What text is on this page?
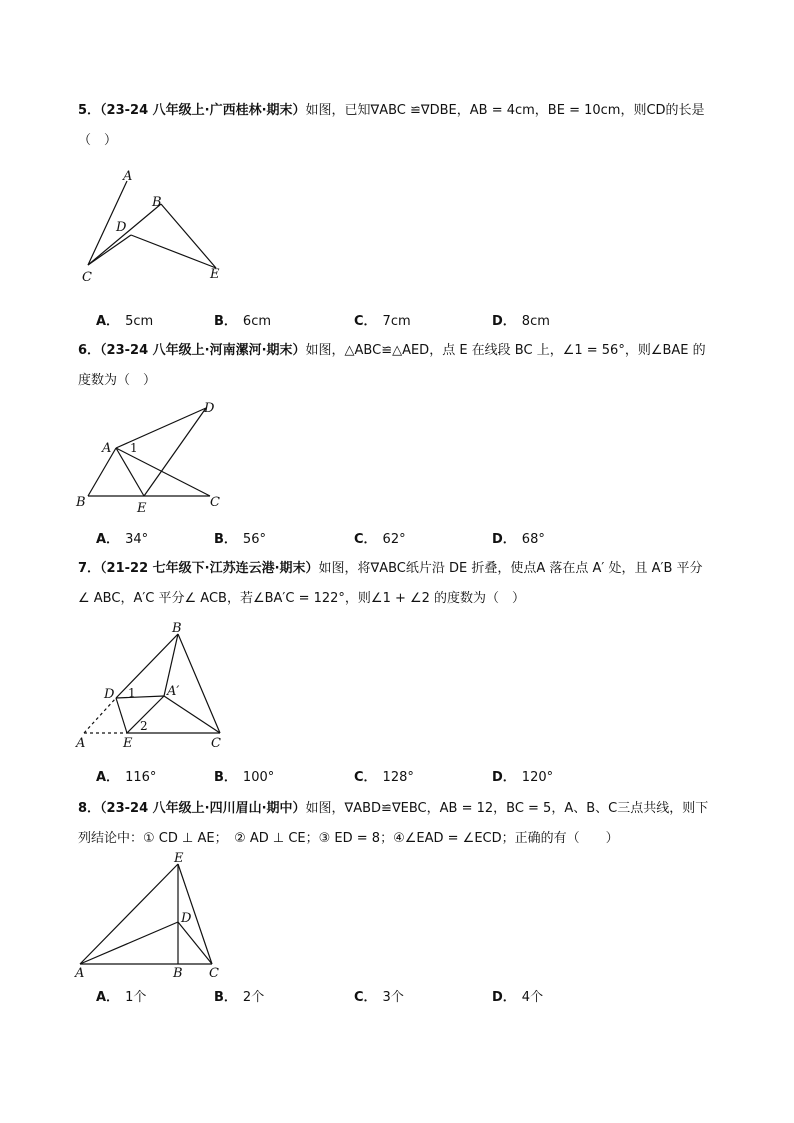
5．（23-24 八年级上·广西桂林·期末）如图，已知∇ABC ≌∇DBE，AB = 4cm，BE = 10cm，则CD的长是
（　）
A
B
D
C	E
A． 5cm	B． 6cm	C． 7cm	D． 8cm
6．（23-24 八年级上·河南漯河·期末）如图，△ABC≌△AED，点 E 在线段 BC 上，∠1 = 56°，则∠BAE 的
度数为（　）
D
A 1
B	E	C
A． 34°	B． 56°	C． 62°	D． 68°
7．（21-22 七年级下·江苏连云港·期末）如图，将∇ABC纸片沿 DE 折叠，使点A 落在点 A′ 处，且 A′B 平分
∠ ABC，A′C 平分∠ ACB，若∠BA′C = 122°，则∠1 + ∠2 的度数为（　）
B
D 1 A′
2
A	E	C
A． 116°	B． 100°	C． 128°	D． 120°
8．（23-24 八年级上·四川眉山·期中）如图，∇ABD≌∇EBC，AB = 12，BC = 5，A、B、C三点共线，则下
列结论中：① CD ⊥ AE；　② AD ⊥ CE；③ ED = 8；④∠EAD = ∠ECD；正确的有（　　）
E
D
A	B C
A． 1个	B． 2个	C． 3个	D． 4个
